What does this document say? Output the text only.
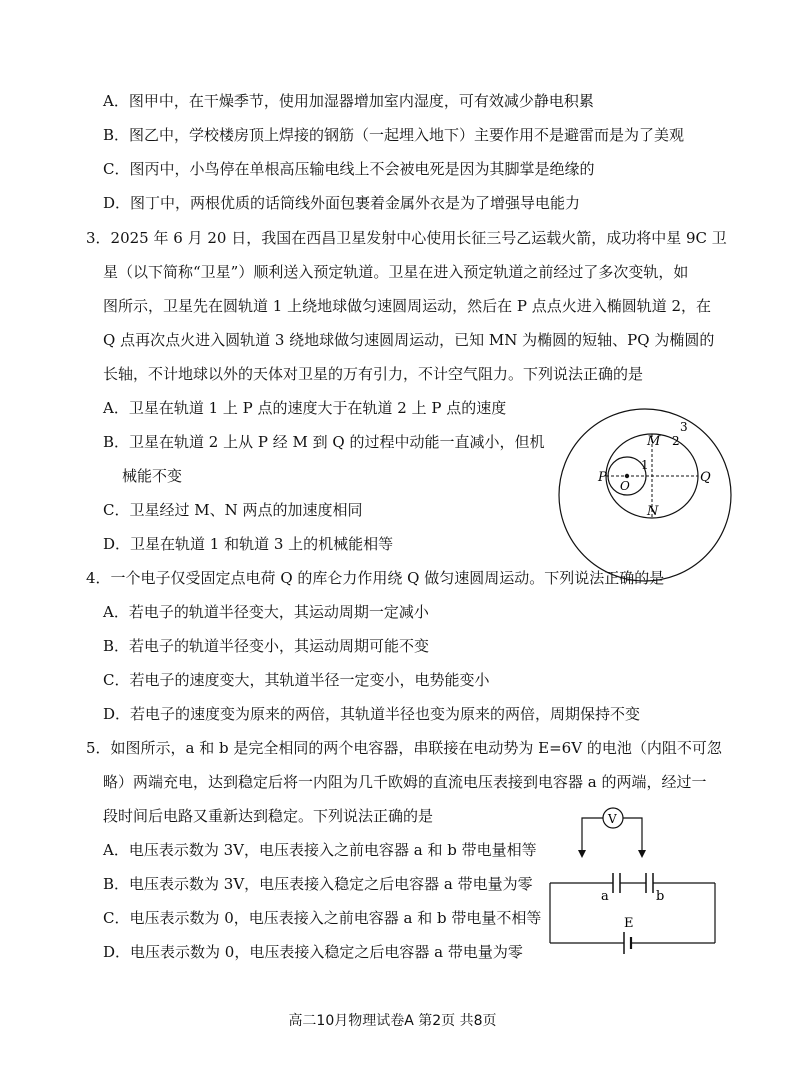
A．图甲中，在干燥季节，使用加湿器增加室内湿度，可有效减少静电积累
B．图乙中，学校楼房顶上焊接的钢筋（一起埋入地下）主要作用不是避雷而是为了美观
C．图丙中，小鸟停在单根高压输电线上不会被电死是因为其脚掌是绝缘的
D．图丁中，两根优质的话筒线外面包裹着金属外衣是为了增强导电能力
3．2025 年 6 月 20 日，我国在西昌卫星发射中心使用长征三号乙运载火箭，成功将中星 9C 卫
星（以下简称“卫星”）顺利送入预定轨道。卫星在进入预定轨道之前经过了多次变轨，如
图所示，卫星先在圆轨道 1 上绕地球做匀速圆周运动，然后在 P 点点火进入椭圆轨道 2，在
Q 点再次点火进入圆轨道 3 绕地球做匀速圆周运动，已知 MN 为椭圆的短轴、PQ 为椭圆的
长轴，不计地球以外的天体对卫星的万有引力，不计空气阻力。下列说法正确的是
A．卫星在轨道 1 上 P 点的速度大于在轨道 2 上 P 点的速度
B．卫星在轨道 2 上从 P 经 M 到 Q 的过程中动能一直减小，但机
械能不变
C．卫星经过 M、N 两点的加速度相同
D．卫星在轨道 1 和轨道 3 上的机械能相等
P	Q
M
N
O
1
2
3
4．一个电子仅受固定点电荷 Q 的库仑力作用绕 Q 做匀速圆周运动。下列说法正确的是
A．若电子的轨道半径变大，其运动周期一定减小
B．若电子的轨道半径变小，其运动周期可能不变
C．若电子的速度变大，其轨道半径一定变小，电势能变小
D．若电子的速度变为原来的两倍，其轨道半径也变为原来的两倍，周期保持不变
5．如图所示，a 和 b 是完全相同的两个电容器，串联接在电动势为 E=6V 的电池（内阻不可忽
略）两端充电，达到稳定后将一内阻为几千欧姆的直流电压表接到电容器 a 的两端，经过一
段时间后电路又重新达到稳定。下列说法正确的是
A．电压表示数为 3V，电压表接入之前电容器 a 和 b 带电量相等
B．电压表示数为 3V，电压表接入稳定之后电容器 a 带电量为零
C．电压表示数为 0，电压表接入之前电容器 a 和 b 带电量不相等
D．电压表示数为 0，电压表接入稳定之后电容器 a 带电量为零
V
a	b
E
高二10月物理试卷A 第2页 共8页
